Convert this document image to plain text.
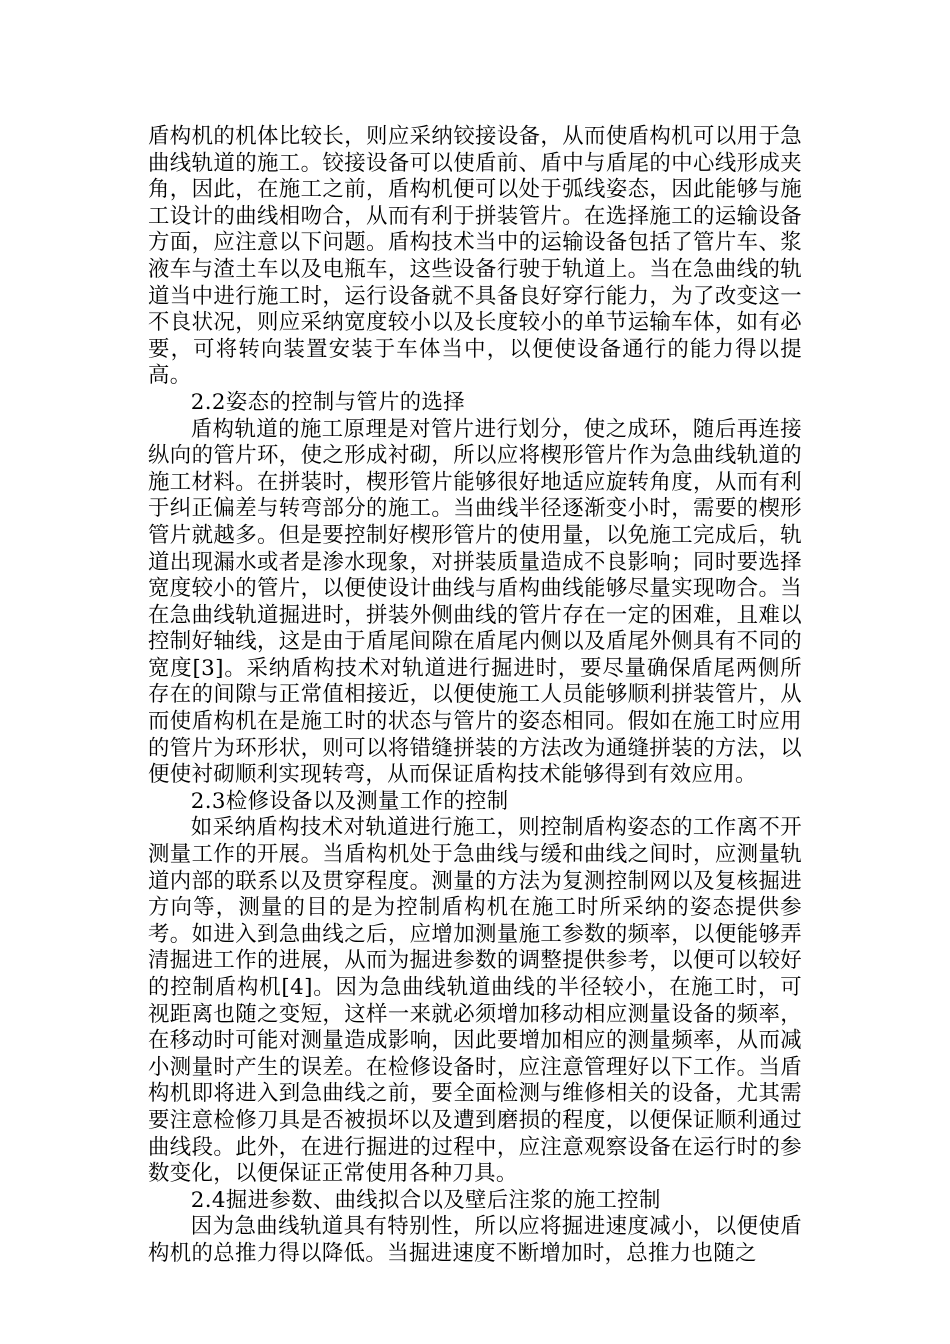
盾构机的机体比较长，则应采纳铰接设备，从而使盾构机可以用于急曲线轨道的施工。铰接设备可以使盾前、盾中与盾尾的中心线形成夹角，因此，在施工之前，盾构机便可以处于弧线姿态，因此能够与施工设计的曲线相吻合，从而有利于拼装管片。在选择施工的运输设备方面，应注意以下问题。盾构技术当中的运输设备包括了管片车、浆液车与渣土车以及电瓶车，这些设备行驶于轨道上。当在急曲线的轨道当中进行施工时，运行设备就不具备良好穿行能力，为了改变这一不良状况，则应采纳宽度较小以及长度较小的单节运输车体，如有必要，可将转向装置安装于车体当中，以便使设备通行的能力得以提高。

2.2姿态的控制与管片的选择

盾构轨道的施工原理是对管片进行划分，使之成环，随后再连接纵向的管片环，使之形成衬砌，所以应将楔形管片作为急曲线轨道的施工材料。在拼装时，楔形管片能够很好地适应旋转角度，从而有利于纠正偏差与转弯部分的施工。当曲线半径逐渐变小时，需要的楔形管片就越多。但是要控制好楔形管片的使用量，以免施工完成后，轨道出现漏水或者是渗水现象，对拼装质量造成不良影响；同时要选择宽度较小的管片，以便使设计曲线与盾构曲线能够尽量实现吻合。当在急曲线轨道掘进时，拼装外侧曲线的管片存在一定的困难，且难以控制好轴线，这是由于盾尾间隙在盾尾内侧以及盾尾外侧具有不同的宽度[3]。采纳盾构技术对轨道进行掘进时，要尽量确保盾尾两侧所存在的间隙与正常值相接近，以便使施工人员能够顺利拼装管片，从而使盾构机在是施工时的状态与管片的姿态相同。假如在施工时应用的管片为环形状，则可以将错缝拼装的方法改为通缝拼装的方法，以便使衬砌顺利实现转弯，从而保证盾构技术能够得到有效应用。

2.3检修设备以及测量工作的控制

如采纳盾构技术对轨道进行施工，则控制盾构姿态的工作离不开测量工作的开展。当盾构机处于急曲线与缓和曲线之间时，应测量轨道内部的联系以及贯穿程度。测量的方法为复测控制网以及复核掘进方向等，测量的目的是为控制盾构机在施工时所采纳的姿态提供参考。如进入到急曲线之后，应增加测量施工参数的频率，以便能够弄清掘进工作的进展，从而为掘进参数的调整提供参考，以便可以较好的控制盾构机[4]。因为急曲线轨道曲线的半径较小，在施工时，可视距离也随之变短，这样一来就必须增加移动相应测量设备的频率，在移动时可能对测量造成影响，因此要增加相应的测量频率，从而减小测量时产生的误差。在检修设备时，应注意管理好以下工作。当盾构机即将进入到急曲线之前，要全面检测与维修相关的设备，尤其需要注意检修刀具是否被损坏以及遭到磨损的程度，以便保证顺利通过曲线段。此外，在进行掘进的过程中，应注意观察设备在运行时的参数变化，以便保证正常使用各种刀具。

2.4掘进参数、曲线拟合以及壁后注浆的施工控制

因为急曲线轨道具有特别性，所以应将掘进速度减小，以便使盾构机的总推力得以降低。当掘进速度不断增加时，总推力也随之
